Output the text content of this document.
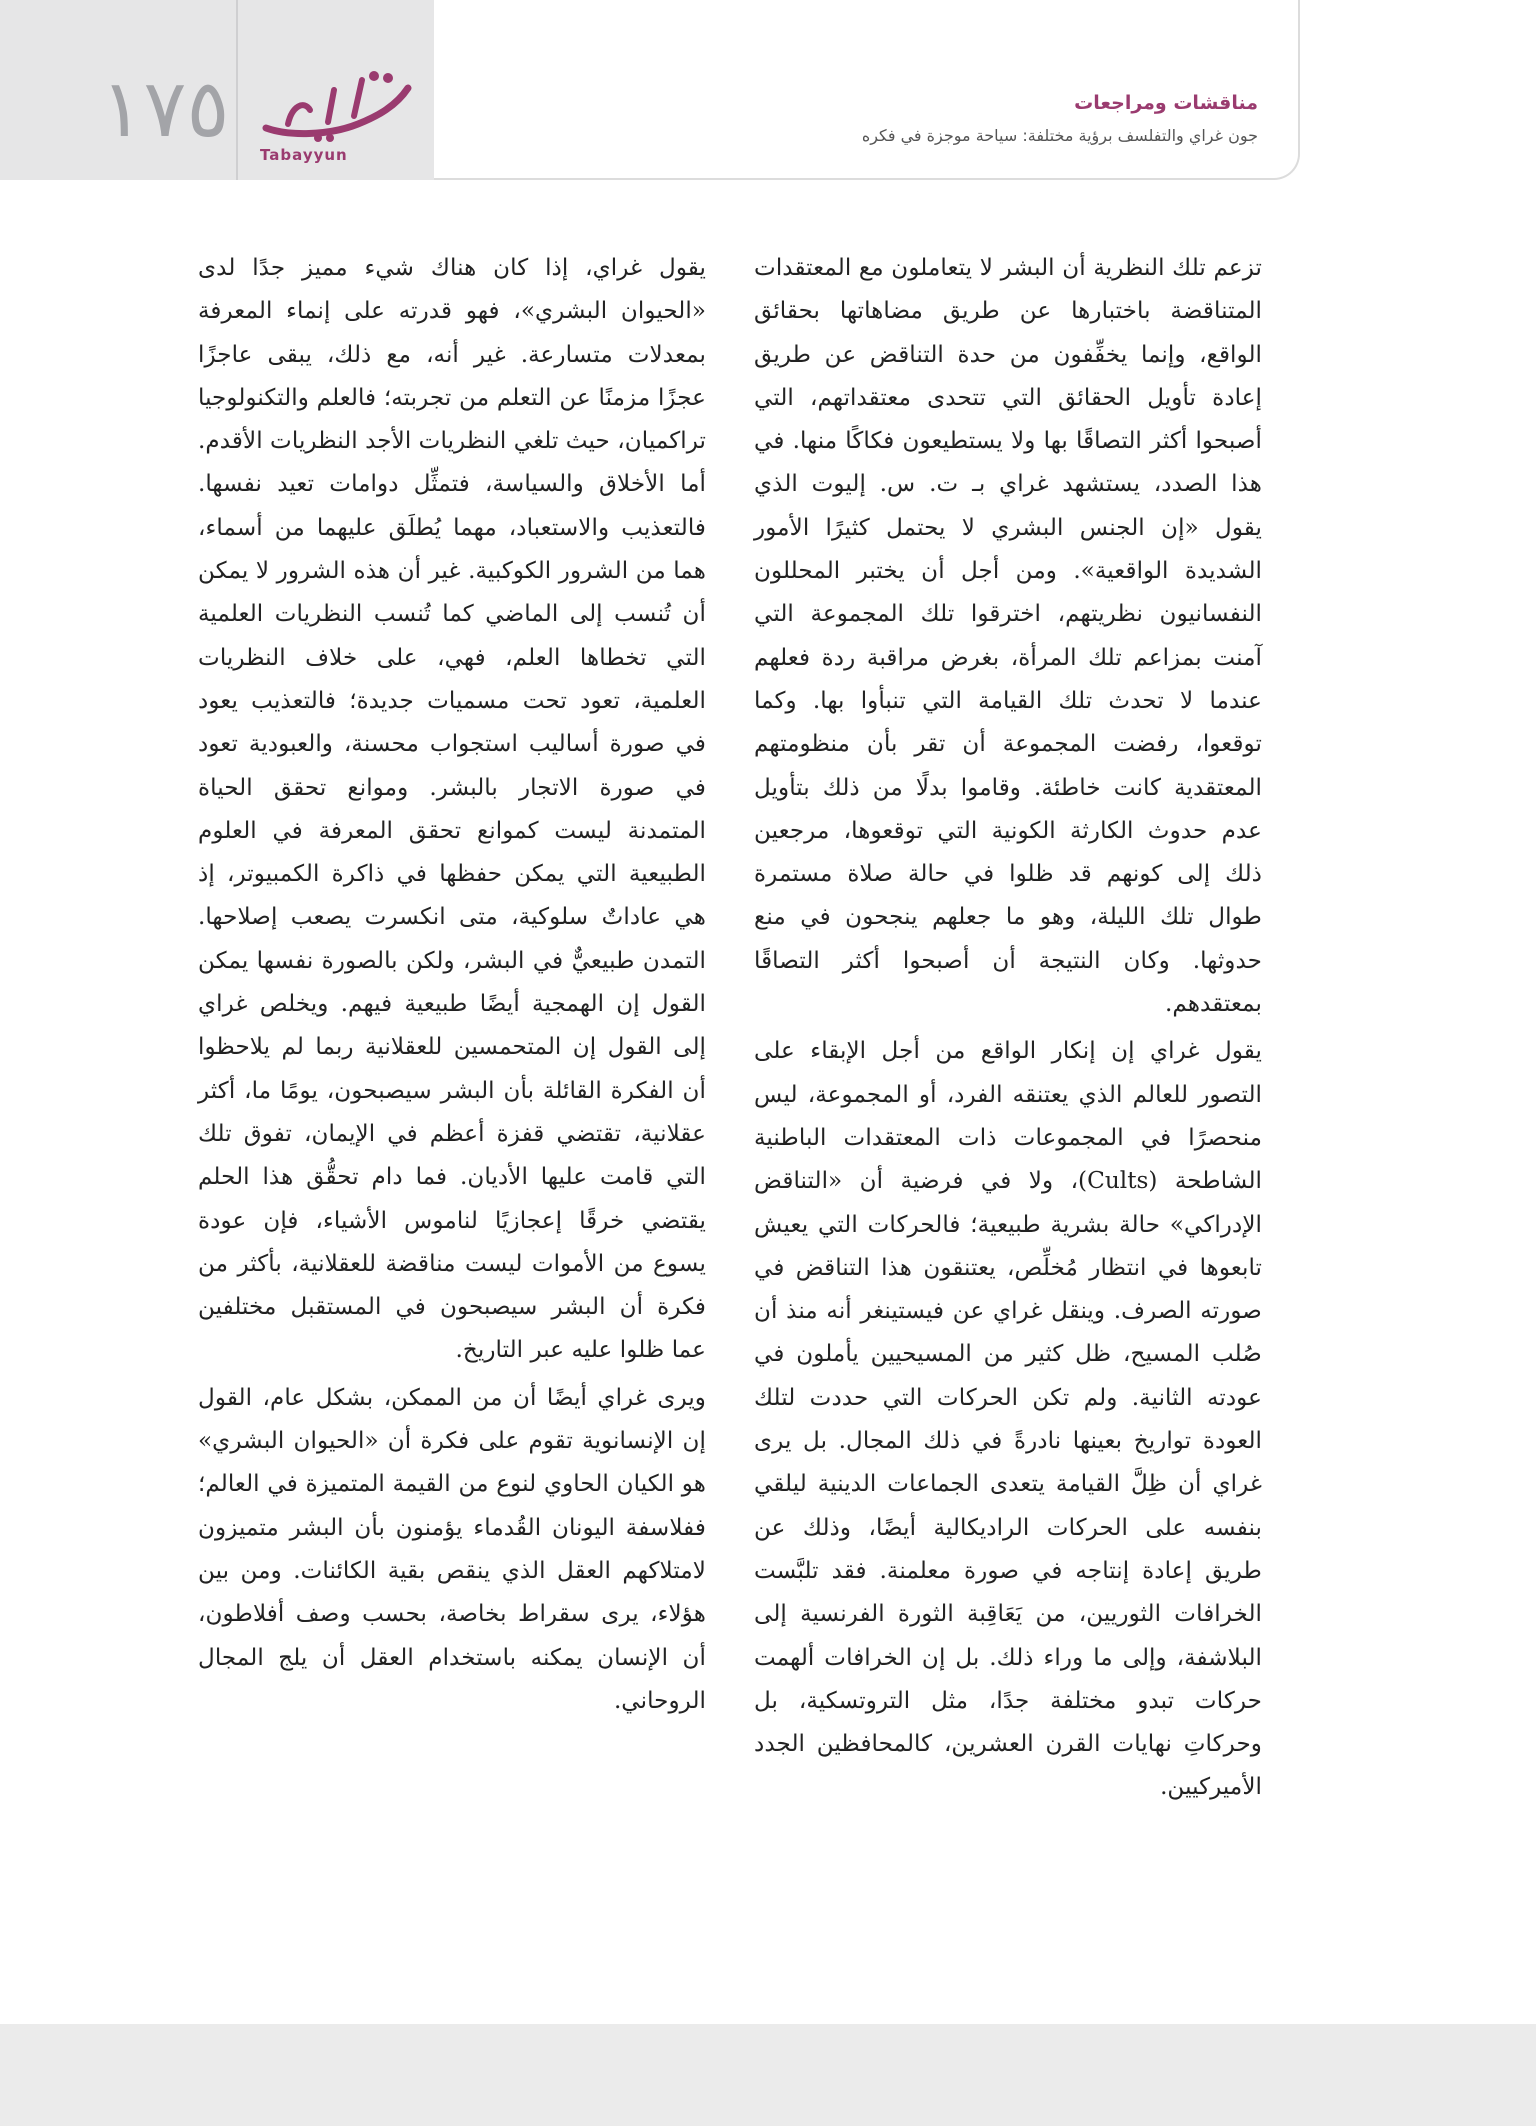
١٧٥ Tabayyun
مناقشات ومراجعات
جون غراي والتفلسف برؤية مختلفة: سياحة موجزة في فكره

تزعم تلك النظرية أن البشر لا يتعاملون مع المعتقدات المتناقضة باختبارها عن طريق مضاهاتها بحقائق الواقع، وإنما يخفِّفون من حدة التناقض عن طريق إعادة تأويل الحقائق التي تتحدى معتقداتهم، التي أصبحوا أكثر التصاقًا بها ولا يستطيعون فكاكًا منها. في هذا الصدد، يستشهد غراي بـ ت. س. إليوت الذي يقول «إن الجنس البشري لا يحتمل كثيرًا الأمور الشديدة الواقعية». ومن أجل أن يختبر المحللون النفسانيون نظريتهم، اخترقوا تلك المجموعة التي آمنت بمزاعم تلك المرأة، بغرض مراقبة ردة فعلهم عندما لا تحدث تلك القيامة التي تنبأوا بها. وكما توقعوا، رفضت المجموعة أن تقر بأن منظومتهم المعتقدية كانت خاطئة. وقاموا بدلًا من ذلك بتأويل عدم حدوث الكارثة الكونية التي توقعوها، مرجعين ذلك إلى كونهم قد ظلوا في حالة صلاة مستمرة طوال تلك الليلة، وهو ما جعلهم ينجحون في منع حدوثها. وكان النتيجة أن أصبحوا أكثر التصاقًا بمعتقدهم.

يقول غراي إن إنكار الواقع من أجل الإبقاء على التصور للعالم الذي يعتنقه الفرد، أو المجموعة، ليس منحصرًا في المجموعات ذات المعتقدات الباطنية الشاطحة (Cults)، ولا في فرضية أن «التناقض الإدراكي» حالة بشرية طبيعية؛ فالحركات التي يعيش تابعوها في انتظار مُخلِّص، يعتنقون هذا التناقض في صورته الصرف. وينقل غراي عن فيستينغر أنه منذ أن صُلب المسيح، ظل كثير من المسيحيين يأملون في عودته الثانية. ولم تكن الحركات التي حددت لتلك العودة تواريخ بعينها نادرةً في ذلك المجال. بل يرى غراي أن ظِلَّ القيامة يتعدى الجماعات الدينية ليلقي بنفسه على الحركات الراديكالية أيضًا، وذلك عن طريق إعادة إنتاجه في صورة معلمنة. فقد تلبَّست الخرافات الثوريين، من يَعَاقِبة الثورة الفرنسية إلى البلاشفة، وإلى ما وراء ذلك. بل إن الخرافات ألهمت حركات تبدو مختلفة جدًا، مثل التروتسكية، بل وحركاتِ نهايات القرن العشرين، كالمحافظين الجدد الأميركيين.

يقول غراي، إذا كان هناك شيء مميز جدًا لدى «الحيوان البشري»، فهو قدرته على إنماء المعرفة بمعدلات متسارعة. غير أنه، مع ذلك، يبقى عاجزًا عجزًا مزمنًا عن التعلم من تجربته؛ فالعلم والتكنولوجيا تراكميان، حيث تلغي النظريات الأجد النظريات الأقدم. أما الأخلاق والسياسة، فتمثِّل دوامات تعيد نفسها. فالتعذيب والاستعباد، مهما يُطلَق عليهما من أسماء، هما من الشرور الكوكبية. غير أن هذه الشرور لا يمكن أن تُنسب إلى الماضي كما تُنسب النظريات العلمية التي تخطاها العلم، فهي، على خلاف النظريات العلمية، تعود تحت مسميات جديدة؛ فالتعذيب يعود في صورة أساليب استجواب محسنة، والعبودية تعود في صورة الاتجار بالبشر. وموانع تحقق الحياة المتمدنة ليست كموانع تحقق المعرفة في العلوم الطبيعية التي يمكن حفظها في ذاكرة الكمبيوتر، إذ هي عاداتٌ سلوكية، متى انكسرت يصعب إصلاحها. التمدن طبيعيٌّ في البشر، ولكن بالصورة نفسها يمكن القول إن الهمجية أيضًا طبيعية فيهم. ويخلص غراي إلى القول إن المتحمسين للعقلانية ربما لم يلاحظوا أن الفكرة القائلة بأن البشر سيصبحون، يومًا ما، أكثر عقلانية، تقتضي قفزة أعظم في الإيمان، تفوق تلك التي قامت عليها الأديان. فما دام تحقُّق هذا الحلم يقتضي خرقًا إعجازيًا لناموس الأشياء، فإن عودة يسوع من الأموات ليست مناقضة للعقلانية، بأكثر من فكرة أن البشر سيصبحون في المستقبل مختلفين عما ظلوا عليه عبر التاريخ.

ويرى غراي أيضًا أن من الممكن، بشكل عام، القول إن الإنسانوية تقوم على فكرة أن «الحيوان البشري» هو الكيان الحاوي لنوع من القيمة المتميزة في العالم؛ ففلاسفة اليونان القُدماء يؤمنون بأن البشر متميزون لامتلاكهم العقل الذي ينقص بقية الكائنات. ومن بين هؤلاء، يرى سقراط بخاصة، بحسب وصف أفلاطون، أن الإنسان يمكنه باستخدام العقل أن يلج المجال الروحاني.
